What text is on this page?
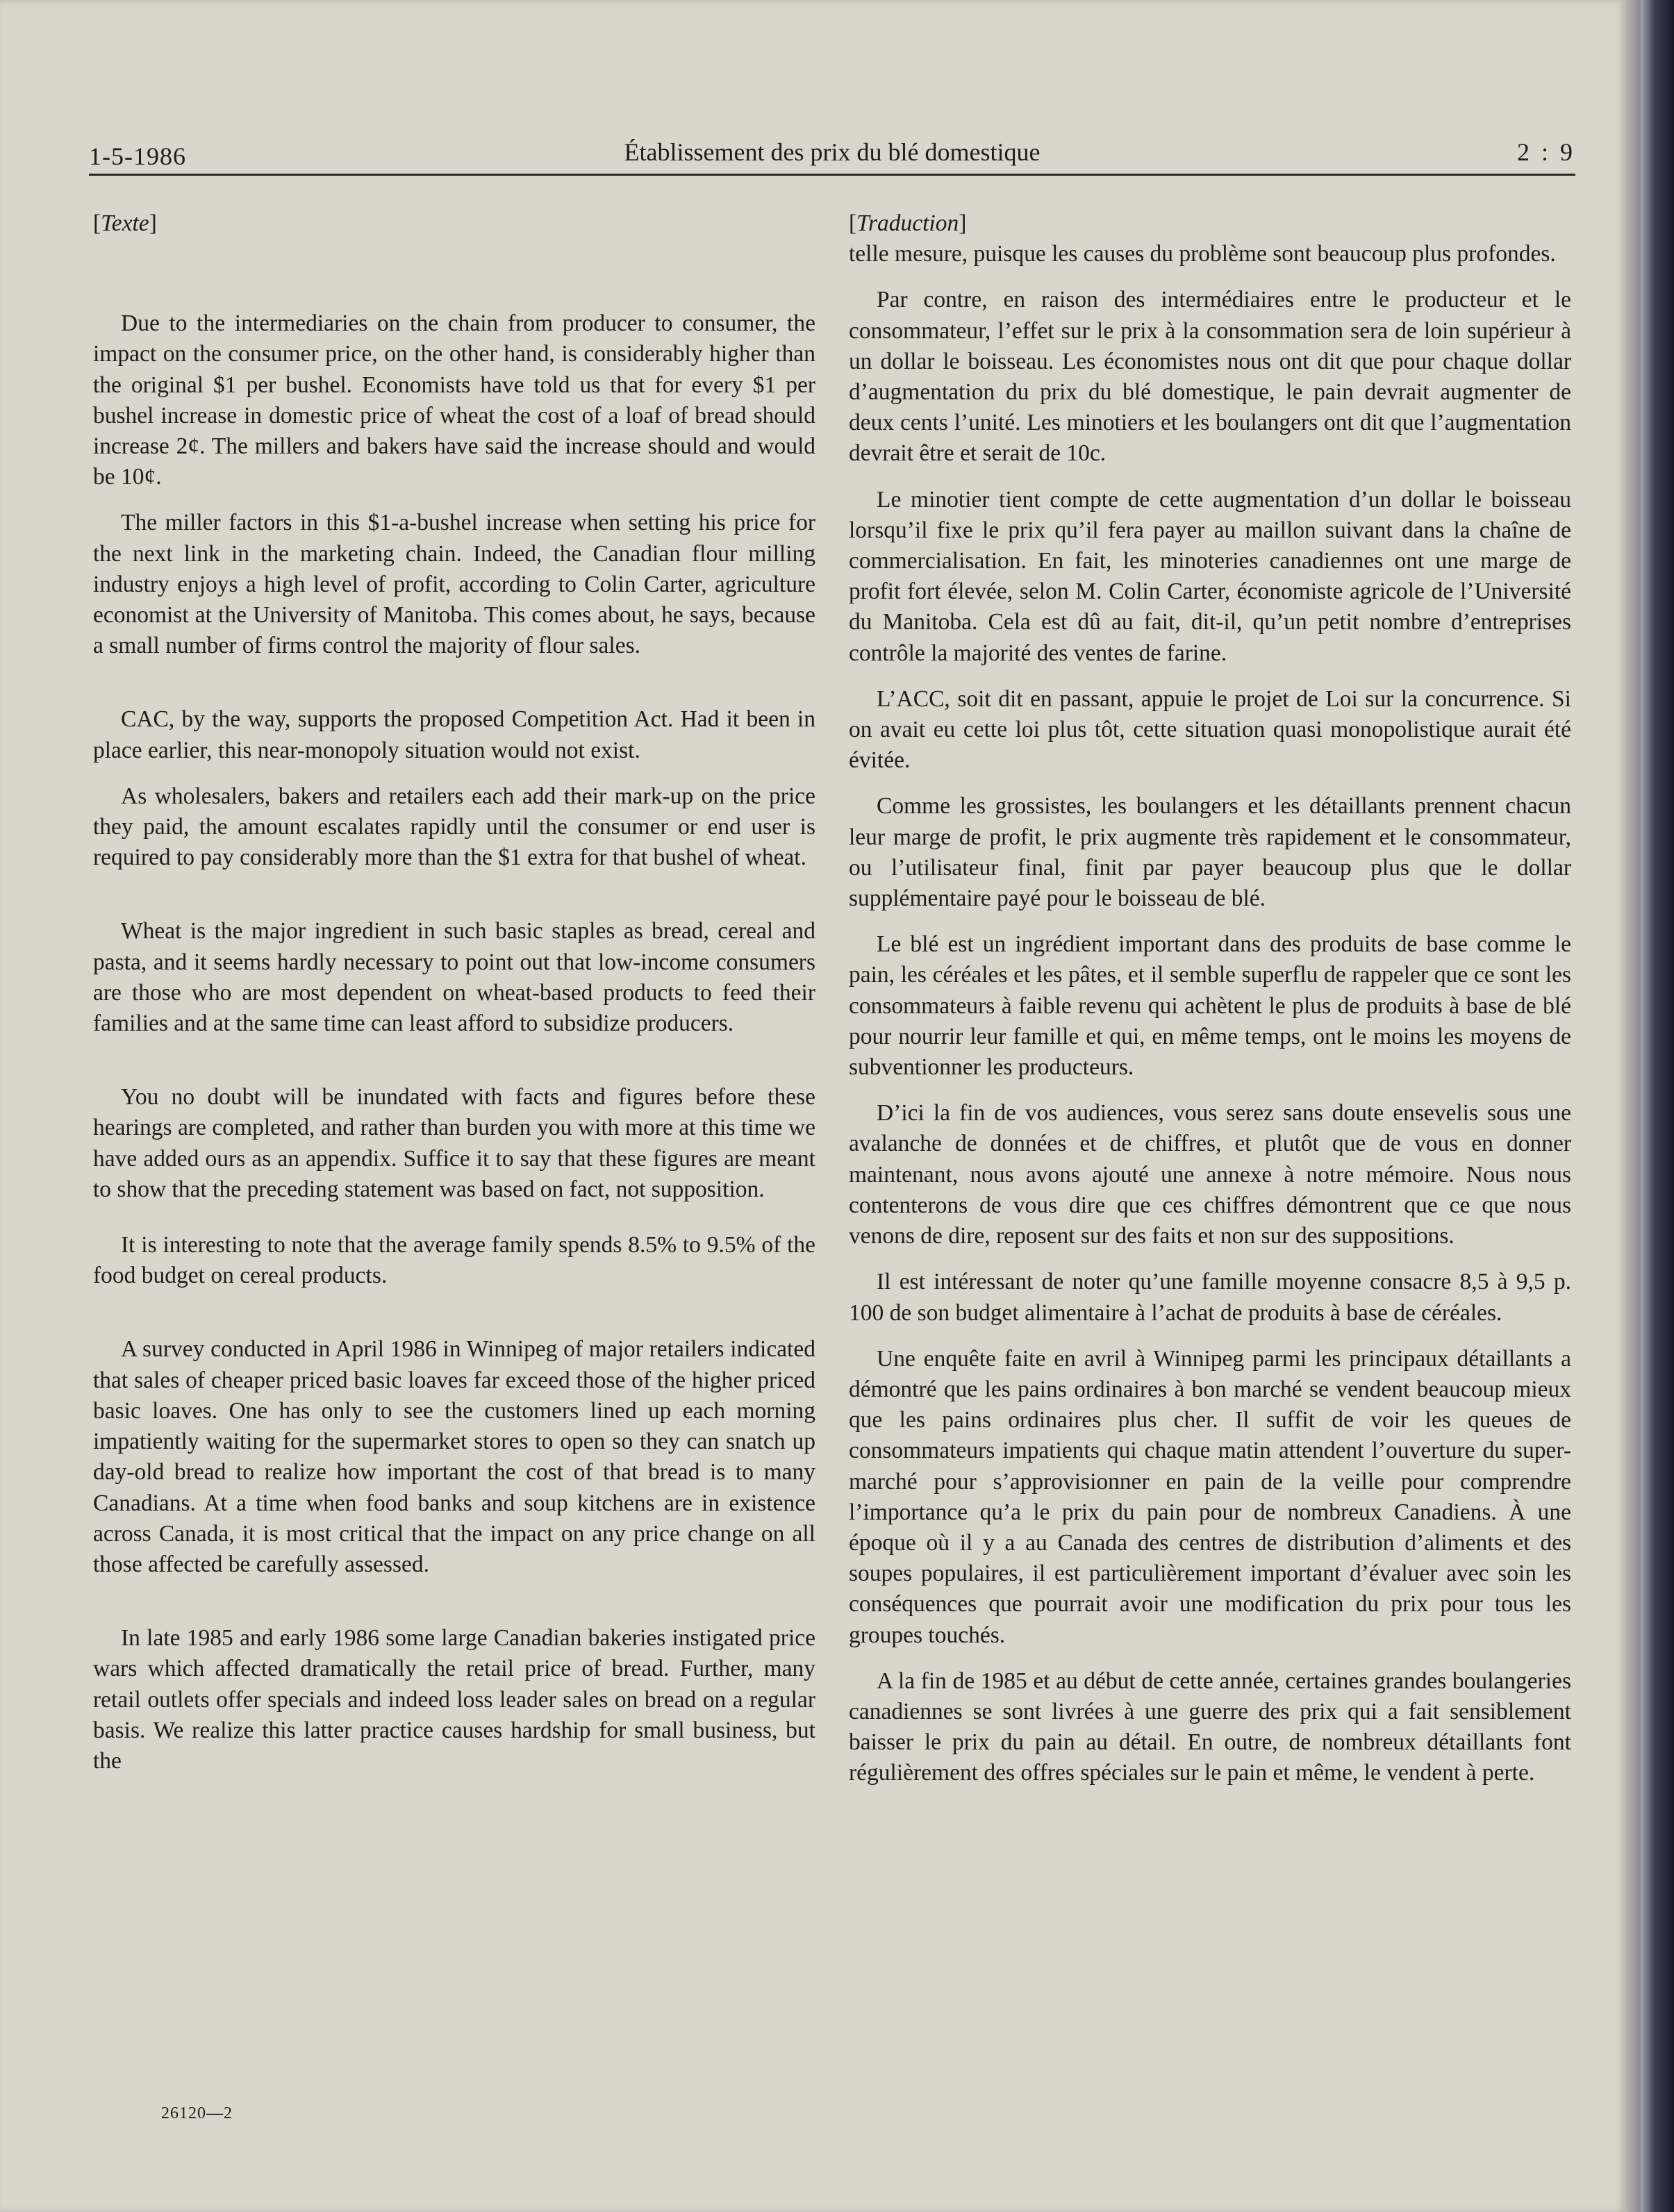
Établissement des prix du blé domestique
1-5-1986	2 : 9

[Texte]

Due to the intermediaries on the chain from producer to consumer, the impact on the consumer price, on the other hand, is considerably higher than the original $1 per bushel. Economists have told us that for every $1 per bushel increase in domestic price of wheat the cost of a loaf of bread should increase 2¢. The millers and bakers have said the increase should and would be 10¢.

The miller factors in this $1-a-bushel increase when setting his price for the next link in the marketing chain. Indeed, the Canadian flour milling industry enjoys a high level of profit, according to Colin Carter, agriculture economist at the University of Manitoba. This comes about, he says, because a small number of firms control the majority of flour sales.

CAC, by the way, supports the proposed Competition Act. Had it been in place earlier, this near-monopoly situation would not exist.

As wholesalers, bakers and retailers each add their mark-up on the price they paid, the amount escalates rapidly until the consumer or end user is required to pay considerably more than the $1 extra for that bushel of wheat.

Wheat is the major ingredient in such basic staples as bread, cereal and pasta, and it seems hardly necessary to point out that low-income consumers are those who are most dependent on wheat-based products to feed their families and at the same time can least afford to subsidize producers.

You no doubt will be inundated with facts and figures before these hearings are completed, and rather than burden you with more at this time we have added ours as an appendix. Suffice it to say that these figures are meant to show that the preceding statement was based on fact, not supposition.

It is interesting to note that the average family spends 8.5% to 9.5% of the food budget on cereal products.

A survey conducted in April 1986 in Winnipeg of major retailers indicated that sales of cheaper priced basic loaves far exceed those of the higher priced basic loaves. One has only to see the customers lined up each morning impatiently waiting for the supermarket stores to open so they can snatch up day-old bread to realize how important the cost of that bread is to many Canadians. At a time when food banks and soup kitchens are in existence across Canada, it is most critical that the impact on any price change on all those affected be carefully assessed.

In late 1985 and early 1986 some large Canadian bakeries instigated price wars which affected dramatically the retail price of bread. Further, many retail outlets offer specials and indeed loss leader sales on bread on a regular basis. We realize this latter practice causes hardship for small business, but the

[Traduction]

telle mesure, puisque les causes du problème sont beaucoup plus profondes.

Par contre, en raison des intermédiaires entre le producteur et le consommateur, l’effet sur le prix à la consommation sera de loin supérieur à un dollar le boisseau. Les économistes nous ont dit que pour chaque dollar d’augmentation du prix du blé domestique, le pain devrait augmenter de deux cents l’unité. Les minotiers et les boulangers ont dit que l’augmentation devrait être et serait de 10c.

Le minotier tient compte de cette augmentation d’un dollar le boisseau lorsqu’il fixe le prix qu’il fera payer au maillon suivant dans la chaîne de commercialisation. En fait, les minoteries canadiennes ont une marge de profit fort élevée, selon M. Colin Carter, économiste agricole de l’Université du Manitoba. Cela est dû au fait, dit-il, qu’un petit nombre d’entreprises contrôle la majorité des ventes de farine.

L’ACC, soit dit en passant, appuie le projet de Loi sur la concurrence. Si on avait eu cette loi plus tôt, cette situation quasi monopolistique aurait été évitée.

Comme les grossistes, les boulangers et les détaillants prennent chacun leur marge de profit, le prix augmente très rapidement et le consommateur, ou l’utilisateur final, finit par payer beaucoup plus que le dollar supplémentaire payé pour le boisseau de blé.

Le blé est un ingrédient important dans des produits de base comme le pain, les céréales et les pâtes, et il semble superflu de rappeler que ce sont les consommateurs à faible revenu qui achètent le plus de produits à base de blé pour nourrir leur famille et qui, en même temps, ont le moins les moyens de subventionner les producteurs.

D’ici la fin de vos audiences, vous serez sans doute ensevelis sous une avalanche de données et de chiffres, et plutôt que de vous en donner maintenant, nous avons ajouté une annexe à notre mémoire. Nous nous contenterons de vous dire que ces chiffres démontrent que ce que nous venons de dire, reposent sur des faits et non sur des suppositions.

Il est intéressant de noter qu’une famille moyenne consacre 8,5 à 9,5 p. 100 de son budget alimentaire à l’achat de produits à base de céréales.

Une enquête faite en avril à Winnipeg parmi les principaux détaillants a démontré que les pains ordinaires à bon marché se vendent beaucoup mieux que les pains ordinaires plus cher. Il suffit de voir les queues de consommateurs impatients qui chaque matin attendent l’ouverture du super-marché pour s’approvisionner en pain de la veille pour comprendre l’importance qu’a le prix du pain pour de nombreux Canadiens. À une époque où il y a au Canada des centres de distribution d’aliments et des soupes populaires, il est particulièrement important d’évaluer avec soin les conséquences que pourrait avoir une modification du prix pour tous les groupes touchés.

A la fin de 1985 et au début de cette année, certaines grandes boulangeries canadiennes se sont livrées à une guerre des prix qui a fait sensiblement baisser le prix du pain au détail. En outre, de nombreux détaillants font régulièrement des offres spéciales sur le pain et même, le vendent à perte.

26120—2
